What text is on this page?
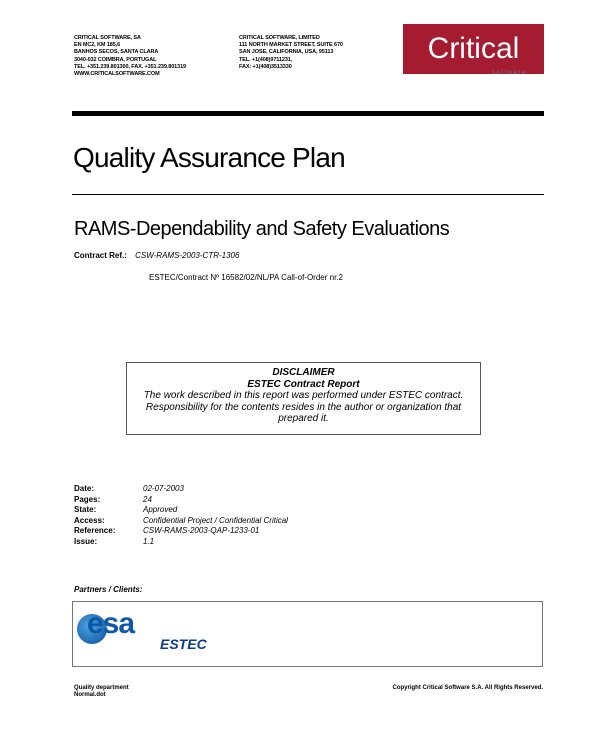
CRITICAL SOFTWARE, SA
EN MC2, KM 185,6
BANHOS SECOS, SANTA CLARA
3040-032 COIMBRA, PORTUGAL
TEL. +351.239.801300, FAX. +351.239.801319
WWW.CRITICALSOFTWARE.COM
CRITICAL SOFTWARE, LIMITED
111 NORTH MARKET STREET, SUITE 670
SAN JOSE, CALIFORNIA, USA, 95113
TEL. +1(408)9711231,
FAX: +1(408)3513330
Critical
software
Quality Assurance Plan
RAMS-Dependability and Safety Evaluations
Contract Ref.: CSW-RAMS-2003-CTR-1306
ESTEC/Contract Nº 16582/02/NL/PA Call-of-Order nr.2
DISCLAIMER
ESTEC Contract Report
The work described in this report was performed under ESTEC contract. Responsibility for the contents resides in the author or organization that prepared it.
Date:	02-07-2003
Pages:	24
State:	Approved
Access:	Confidential Project / Confidential Critical
Reference:	CSW-RAMS-2003-QAP-1233-01
Issue:	1.1
Partners / Clients:
esa
ESTEC
Quality department
Normal.dot
Copyright Critical Software S.A. All Rights Reserved.
